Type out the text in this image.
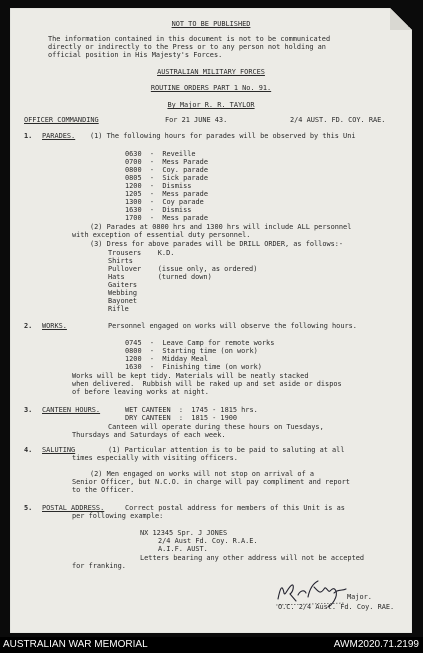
NOT TO BE PUBLISHED
The information contained in this document is not to be communicated
directly or indirectly to the Press or to any person not holding an
official position in His Majesty's Forces.
AUSTRALIAN MILITARY FORCES
ROUTINE ORDERS PART 1 No. 91.
By Major R. R. TAYLOR
OFFICER COMMANDING	For 21 JUNE 43.	2/4 AUST. FD. COY. RAE.
1. PARADES. (1) The following hours for parades will be observed by this Uni
0630  -  Reveille
0700  -  Mess Parade
0800  -  Coy. parade
0805  -  Sick parade
1200  -  Dismiss
1205  -  Mess parade
1300  -  Coy parade
1630  -  Dismiss
1700  -  Mess parade
(2) Parades at 0800 hrs and 1300 hrs will include ALL personnel
with exception of essential duty personnel.
(3) Dress for above parades will be DRILL ORDER, as follows:-
Trousers    K.D.
Shirts
Pullover    (issue only, as ordered)
Hats        (turned down)
Gaiters
Webbing
Bayonet
Rifle
2. WORKS.	Personnel engaged on works will observe the following hours.
0745  -  Leave Camp for remote works
0800  -  Starting time (on work)
1200  -  Midday Meal
1630  -  Finishing time (on work)
Works will be kept tidy. Materials will be neatly stacked
when delivered.  Rubbish will be raked up and set aside or dispos
of before leaving works at night.
3. CANTEEN HOURS.	WET CANTEEN  :  1745 - 1815 hrs.
DRY CANTEEN  :  1815 - 1900
Canteen will operate during these hours on Tuesdays,
Thursdays and Saturdays of each week.
4. SALUTING	(1) Particular attention is to be paid to saluting at all
times especially with visiting officers.
(2) Men engaged on works will not stop on arrival of a
Senior Officer, but N.C.O. in charge will pay compliment and report
to the Officer.
5. POSTAL ADDRESS.	Correct postal address for members of this Unit is as
per following example:
NX 12345 Spr. J JONES
2/4 Aust Fd. Coy. R.A.E.
A.I.F. AUST.
Letters bearing any other address will not be accepted
for franking.
Major.
O.C. 2/4 Aust. Fd. Coy. RAE.
AUSTRALIAN WAR MEMORIAL	AWM2020.71.2199
